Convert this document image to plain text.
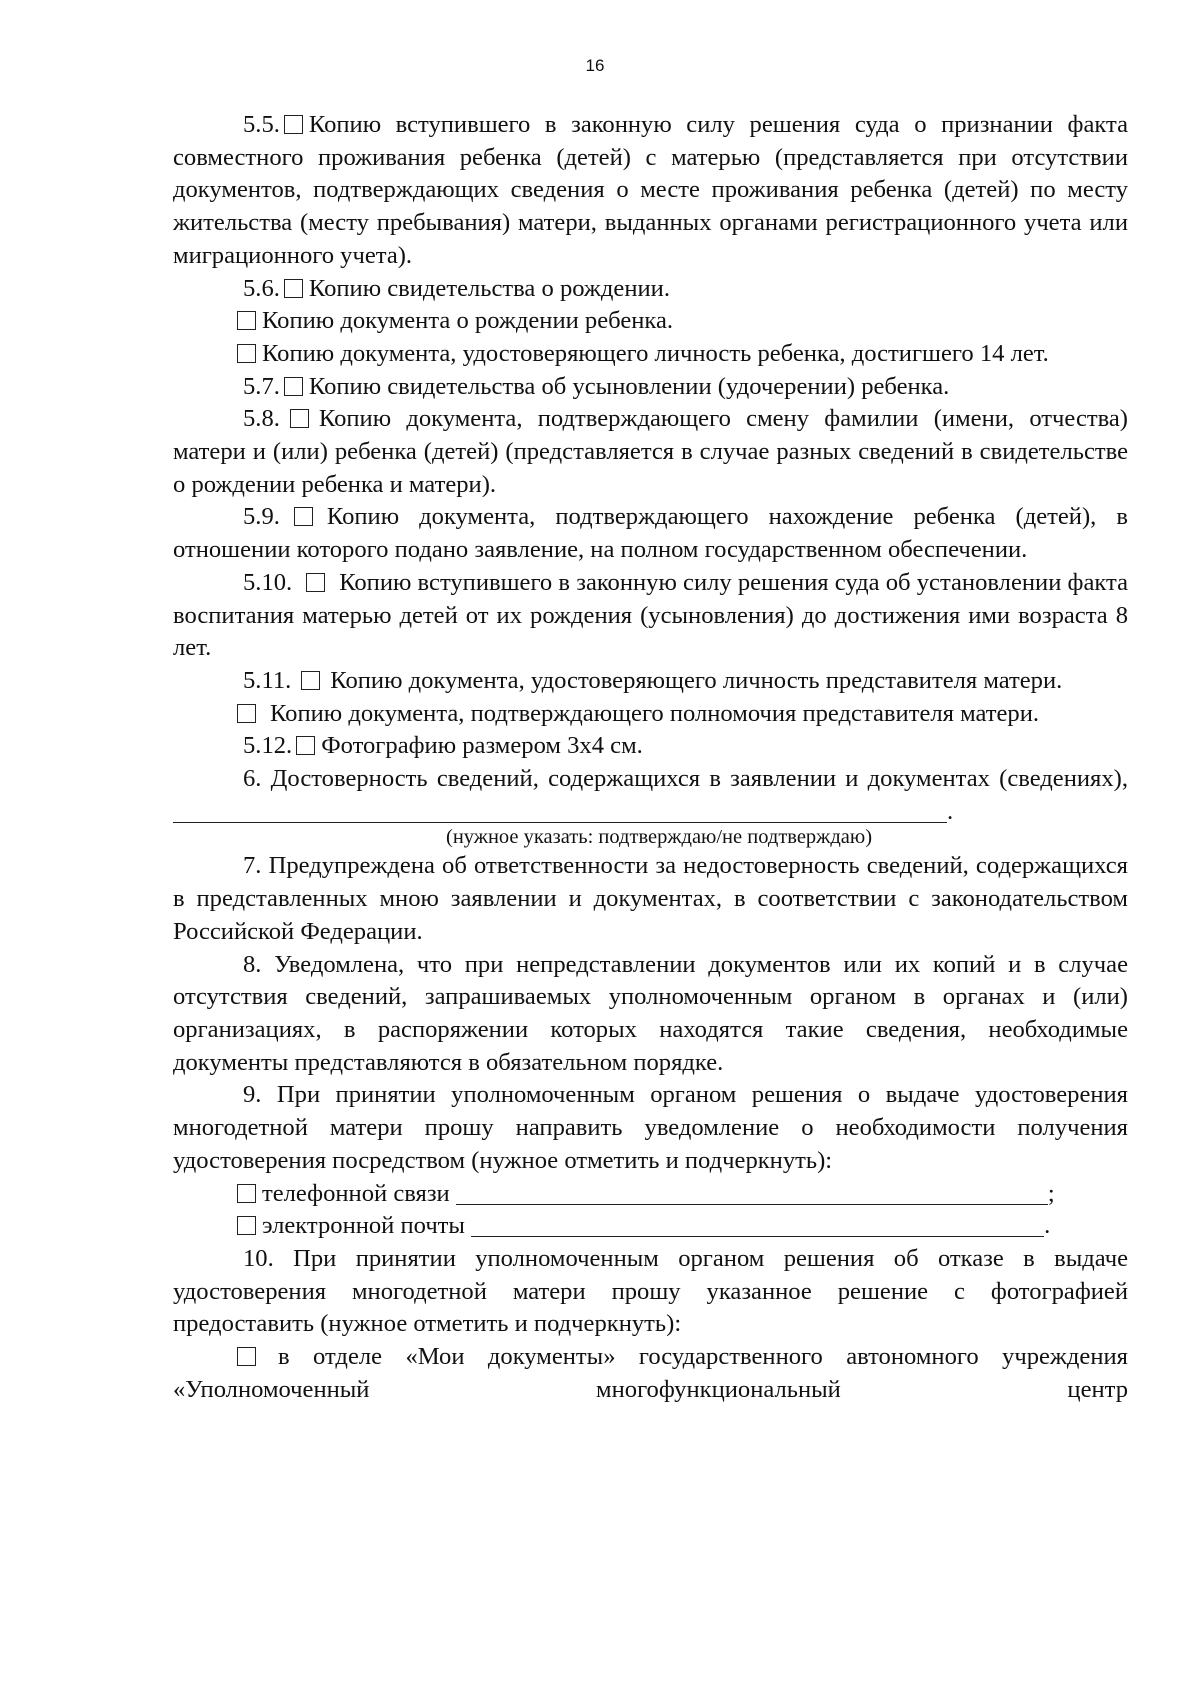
16

5.5. Копию вступившего в законную силу решения суда о признании факта совместного проживания ребенка (детей) с матерью (представляется при отсутствии документов, подтверждающих сведения о месте проживания ребенка (детей) по месту жительства (месту пребывания) матери, выданных органами регистрационного учета или миграционного учета).

5.6. Копию свидетельства о рождении.

Копию документа о рождении ребенка.

Копию документа, удостоверяющего личность ребенка, достигшего 14 лет.

5.7. Копию свидетельства об усыновлении (удочерении) ребенка.

5.8. Копию документа, подтверждающего смену фамилии (имени, отчества) матери и (или) ребенка (детей) (представляется в случае разных сведений в свидетельстве о рождении ребенка и матери).

5.9. Копию документа, подтверждающего нахождение ребенка (детей), в отношении которого подано заявление, на полном государственном обеспечении.

5.10. Копию вступившего в законную силу решения суда об установлении факта воспитания матерью детей от их рождения (усыновления) до достижения ими возраста 8 лет.

5.11. Копию документа, удостоверяющего личность представителя матери.

Копию документа, подтверждающего полномочия представителя матери.

5.12. Фотографию размером 3x4 см.

6. Достоверность сведений, содержащихся в заявлении и документах (сведениях), .

(нужное указать: подтверждаю/не подтверждаю)

7. Предупреждена об ответственности за недостоверность сведений, содержащихся в представленных мною заявлении и документах, в соответствии с законодательством Российской Федерации.

8. Уведомлена, что при непредставлении документов или их копий и в случае отсутствия сведений, запрашиваемых уполномоченным органом в органах и (или) организациях, в распоряжении которых находятся такие сведения, необходимые документы представляются в обязательном порядке.

9. При принятии уполномоченным органом решения о выдаче удостоверения многодетной матери прошу направить уведомление о необходимости получения удостоверения посредством (нужное отметить и подчеркнуть):

телефонной связи	;

электронной почты	.

10. При принятии уполномоченным органом решения об отказе в выдаче удостоверения многодетной матери прошу указанное решение с фотографией предоставить (нужное отметить и подчеркнуть):

в отделе «Мои документы» государственного автономного учреждения «Уполномоченный многофункциональный центр
